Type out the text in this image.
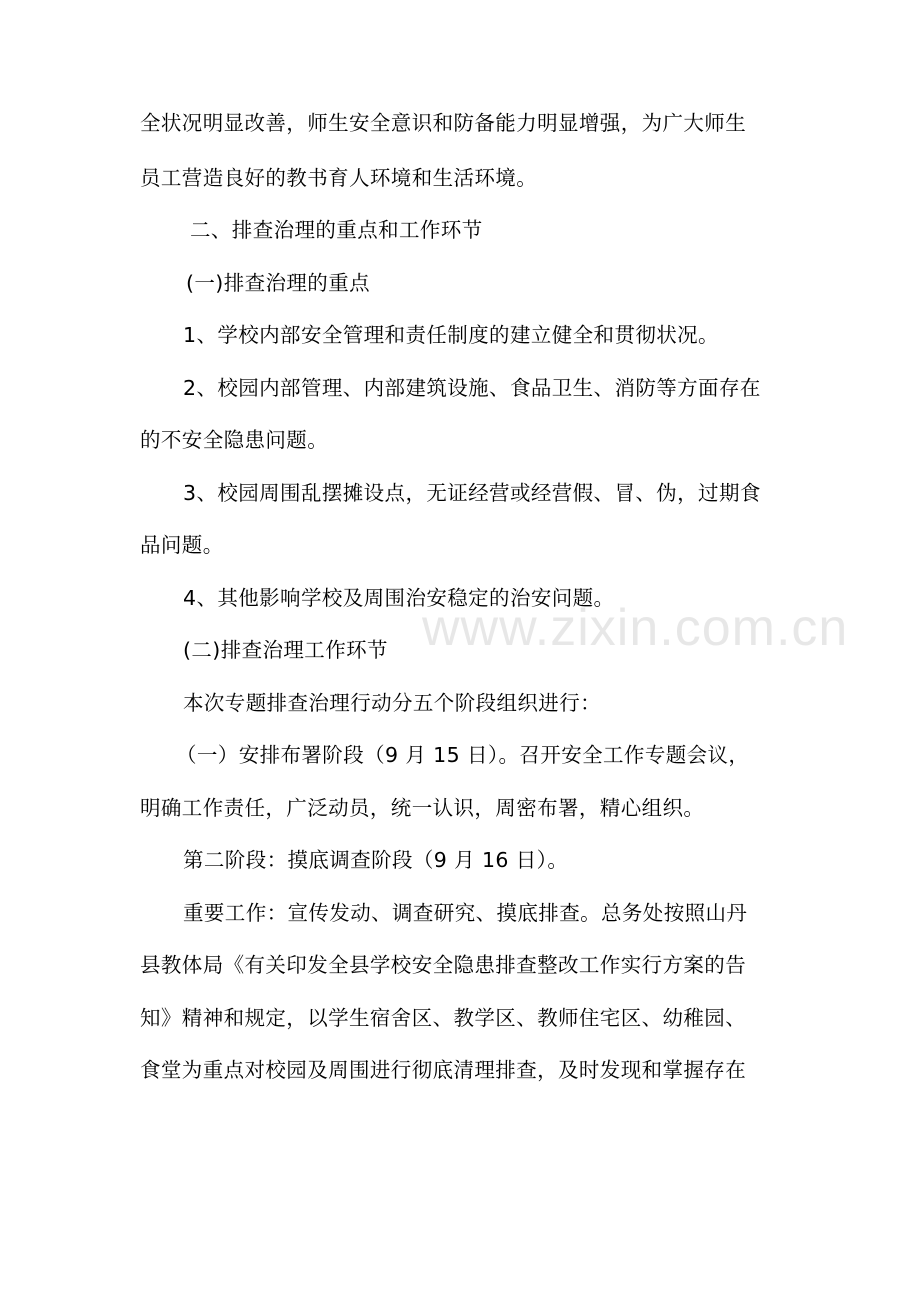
全状况明显改善，师生安全意识和防备能力明显增强，为广大师生
员工营造良好的教书育人环境和生活环境。
二、排查治理的重点和工作环节
(一)排查治理的重点
1、学校内部安全管理和责任制度的建立健全和贯彻状况。
2、校园内部管理、内部建筑设施、食品卫生、消防等方面存在
的不安全隐患问题。
3、校园周围乱摆摊设点，无证经营或经营假、冒、伪，过期食
品问题。
4、其他影响学校及周围治安稳定的治安问题。
(二)排查治理工作环节
本次专题排查治理行动分五个阶段组织进行：
（一）安排布署阶段（9 月 15 日）。召开安全工作专题会议，
明确工作责任，广泛动员，统一认识，周密布署，精心组织。
第二阶段：摸底调查阶段（9 月 16 日）。
重要工作：宣传发动、调查研究、摸底排查。总务处按照山丹
县教体局《有关印发全县学校安全隐患排查整改工作实行方案的告
知》精神和规定，以学生宿舍区、教学区、教师住宅区、幼稚园、
食堂为重点对校园及周围进行彻底清理排查，及时发现和掌握存在
www.zixin.com.cn
